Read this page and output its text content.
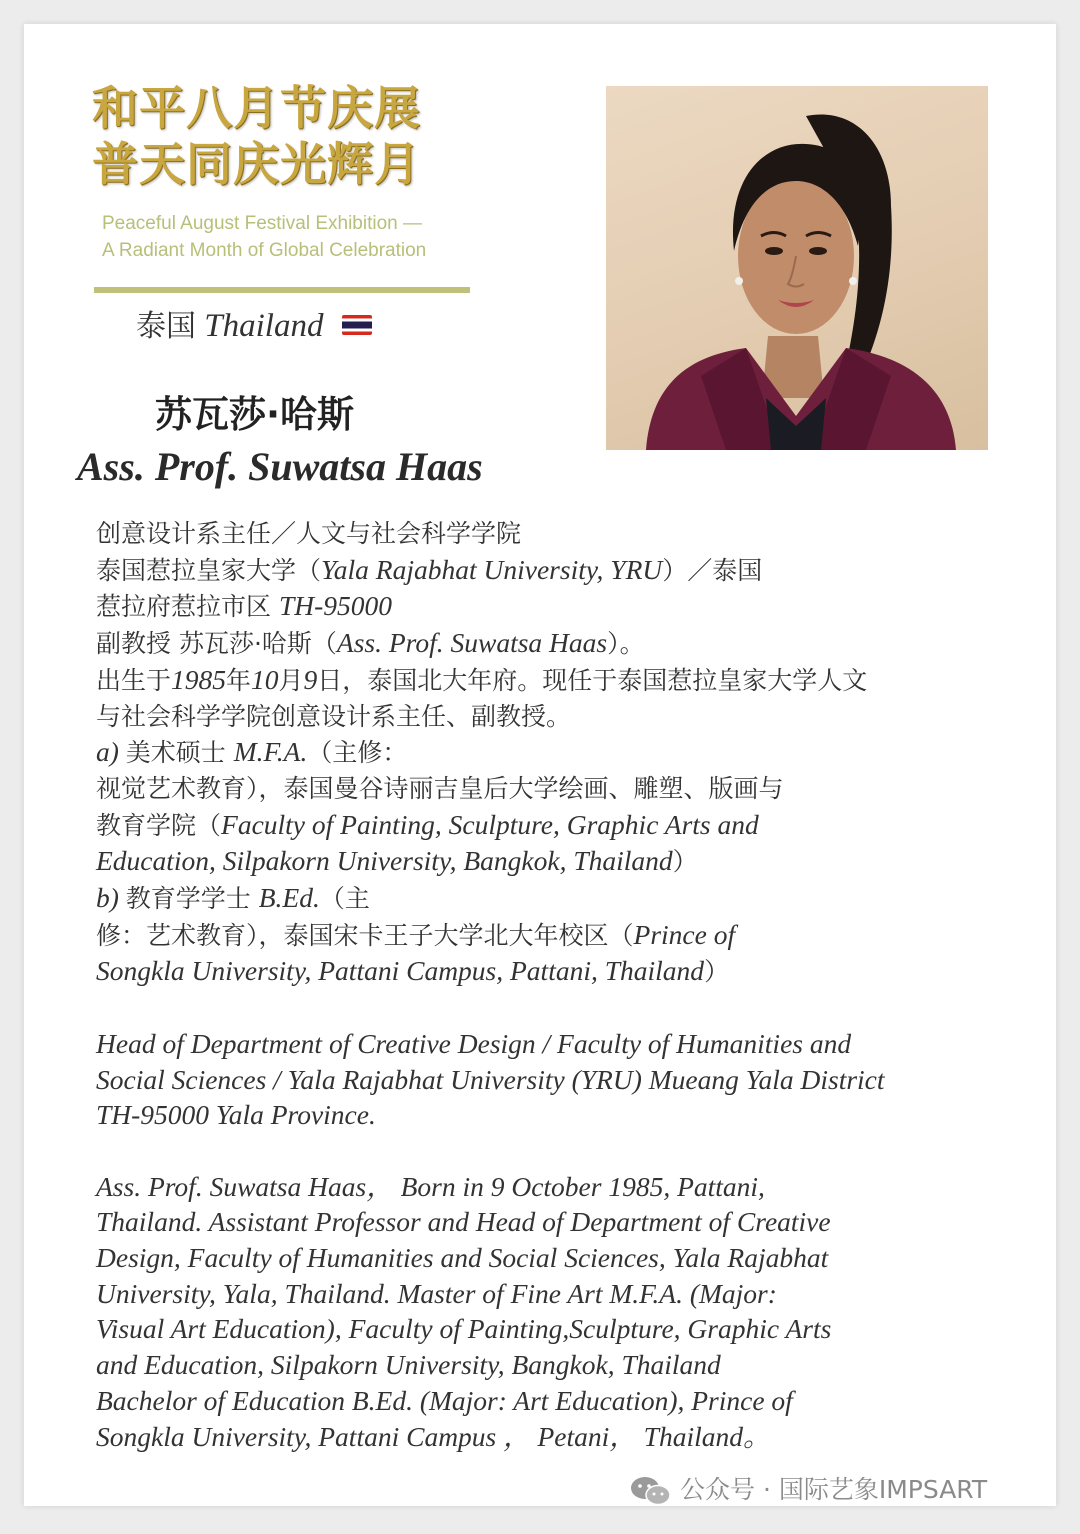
和平八月节庆展
普天同庆光辉月
Peaceful August Festival Exhibition —
A Radiant Month of Global Celebration
泰国 Thailand
苏瓦莎·哈斯
Ass. Prof. Suwatsa Haas
创意设计系主任／人文与社会科学学院
泰国惹拉皇家大学（Yala Rajabhat University, YRU）／泰国
惹拉府惹拉市区 TH-95000
副教授 苏瓦莎·哈斯（Ass. Prof. Suwatsa Haas）。
出生于1985年10月9日，泰国北大年府。现任于泰国惹拉皇家大学人文
与社会科学学院创意设计系主任、副教授。
a) 美术硕士 M.F.A.（主修：
视觉艺术教育），泰国曼谷诗丽吉皇后大学绘画、雕塑、版画与
教育学院（Faculty of Painting, Sculpture, Graphic Arts and
Education, Silpakorn University, Bangkok, Thailand）
b) 教育学学士 B.Ed.（主
修：艺术教育），泰国宋卡王子大学北大年校区（Prince of
Songkla University, Pattani Campus, Pattani, Thailand）
Head of Department of Creative Design / Faculty of Humanities and
Social Sciences / Yala Rajabhat University (YRU) Mueang Yala District
TH-95000 Yala Province.
Ass. Prof. Suwatsa Haas， Born in 9 October 1985, Pattani,
Thailand. Assistant Professor and Head of Department of Creative
Design, Faculty of Humanities and Social Sciences, Yala Rajabhat
University, Yala, Thailand. Master of Fine Art M.F.A. (Major:
Visual Art Education), Faculty of Painting,Sculpture, Graphic Arts
and Education, Silpakorn University, Bangkok, Thailand
Bachelor of Education B.Ed. (Major: Art Education), Prince of
Songkla University, Pattani Campus ， Petani， Thailand。
公众号 · 国际艺象IMPSART
